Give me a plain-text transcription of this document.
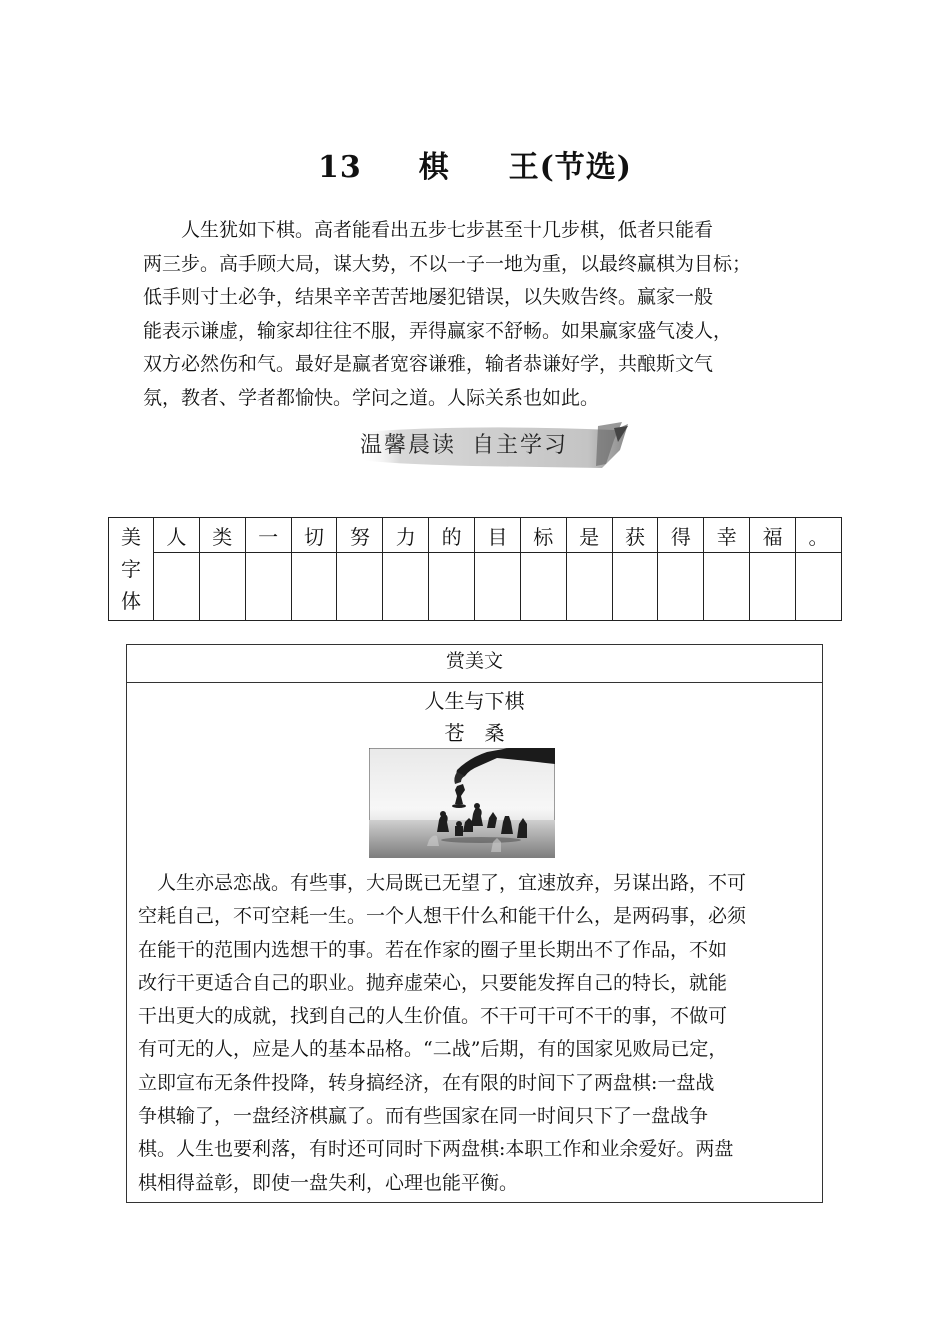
13 棋 王(节选)
　　人生犹如下棋。高者能看出五步七步甚至十几步棋，低者只能看
两三步。高手顾大局，谋大势，不以一子一地为重，以最终赢棋为目标；
低手则寸土必争，结果辛辛苦苦地屡犯错误，以失败告终。赢家一般
能表示谦虚，输家却往往不服，弄得赢家不舒畅。如果赢家盛气凌人，
双方必然伤和气。最好是赢者宽容谦雅，输者恭谦好学，共酿斯文气
氛，教者、学者都愉快。学问之道。人际关系也如此。
温馨晨读 自主学习
美字体	人	类	一	切	努	力	的	目	标	是	获	得	幸	福	。

赏美文
人生与下棋
苍　桑
　人生亦忌恋战。有些事，大局既已无望了，宜速放弃，另谋出路，不可
空耗自己，不可空耗一生。一个人想干什么和能干什么，是两码事，必须
在能干的范围内选想干的事。若在作家的圈子里长期出不了作品，不如
改行干更适合自己的职业。抛弃虚荣心，只要能发挥自己的特长，就能
干出更大的成就，找到自己的人生价值。不干可干可不干的事，不做可
有可无的人，应是人的基本品格。“二战”后期，有的国家见败局已定，
立即宣布无条件投降，转身搞经济，在有限的时间下了两盘棋:一盘战
争棋输了，一盘经济棋赢了。而有些国家在同一时间只下了一盘战争
棋。人生也要利落，有时还可同时下两盘棋:本职工作和业余爱好。两盘
棋相得益彰，即使一盘失利，心理也能平衡。
